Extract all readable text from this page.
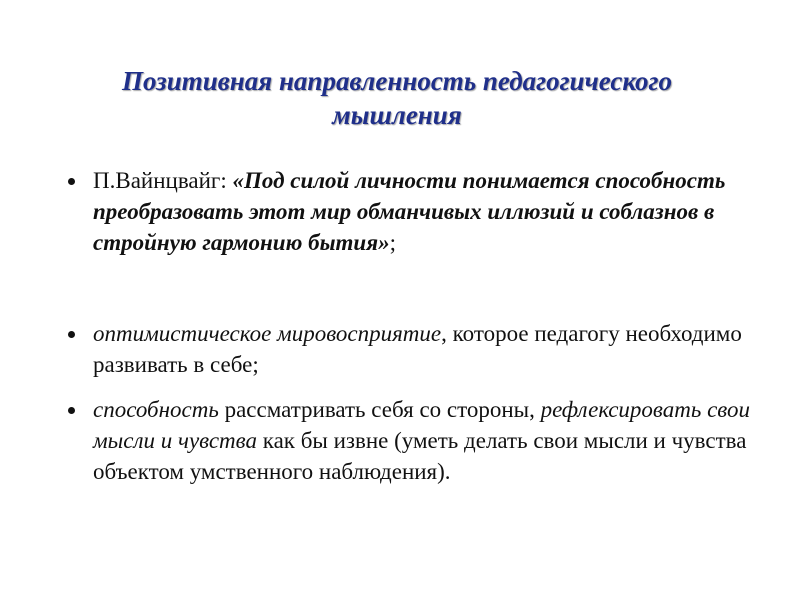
Позитивная направленность педагогического
мышления
П.Вайнцвайг: «Под силой личности понимается способность преобразовать этот мир обманчивых иллюзий и соблазнов в стройную гармонию бытия»;
оптимистическое мировосприятие, которое педагогу необходимо развивать в себе;
способность рассматривать себя со стороны, рефлексировать свои мысли и чувства как бы извне (уметь делать свои мысли и чувства объектом умственного наблюдения).
